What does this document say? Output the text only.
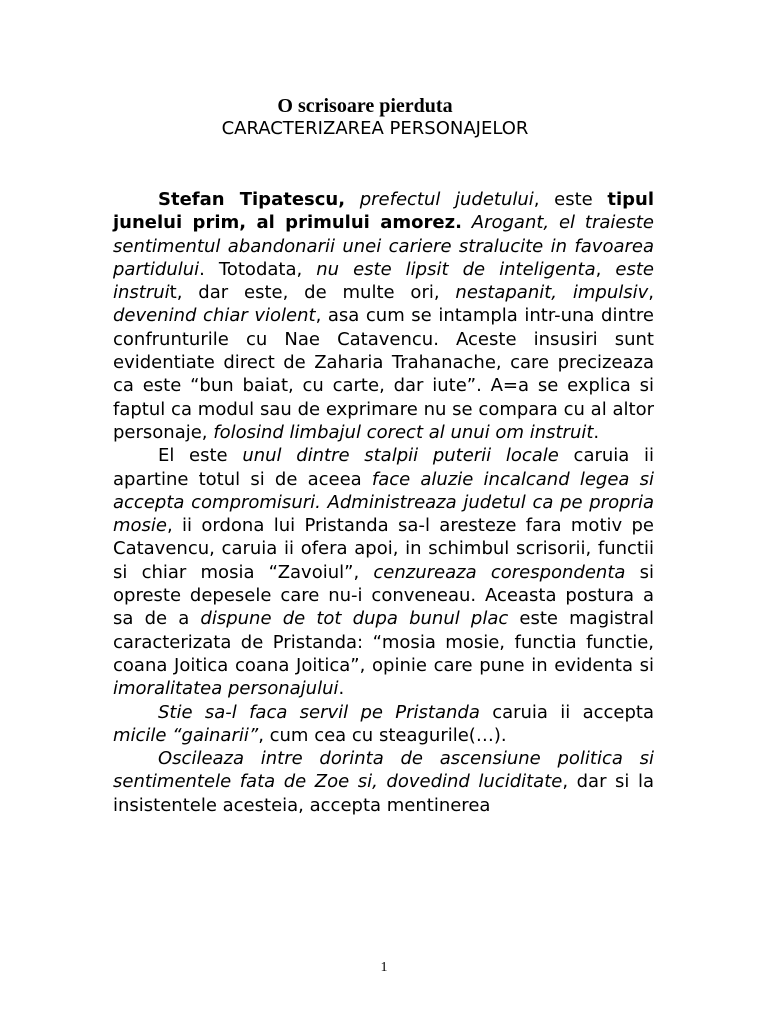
O scrisoare pierduta
CARACTERIZAREA PERSONAJELOR

Stefan Tipatescu, prefectul judetului, este tipul junelui prim, al primului amorez. Arogant, el traieste sentimentul abandonarii unei cariere stralucite in favoarea partidului. Totodata, nu este lipsit de inteligenta, este instruit, dar este, de multe ori, nestapanit, impulsiv, devenind chiar violent, asa cum se intampla intr-una dintre confrunturile cu Nae Catavencu. Aceste insusiri sunt evidentiate direct de Zaharia Trahanache, care precizeaza ca este “bun baiat, cu carte, dar iute”. A=a se explica si faptul ca modul sau de exprimare nu se compara cu al altor personaje, folosind limbajul corect al unui om instruit.

El este unul dintre stalpii puterii locale caruia ii apartine totul si de aceea face aluzie incalcand legea si accepta compromisuri. Administreaza judetul ca pe propria mosie, ii ordona lui Pristanda sa-l aresteze fara motiv pe Catavencu, caruia ii ofera apoi, in schimbul scrisorii, functii si chiar mosia “Zavoiul”, cenzureaza corespondenta si opreste depesele care nu-i conveneau. Aceasta postura a sa de a dispune de tot dupa bunul plac este magistral caracterizata de Pristanda: “mosia mosie, functia functie, coana Joitica coana Joitica”, opinie care pune in evidenta si imoralitatea personajului.

Stie sa-l faca servil pe Pristanda caruia ii accepta micile “gainarii”, cum cea cu steagurile(…).

Oscileaza intre dorinta de ascensiune politica si sentimentele fata de Zoe si, dovedind luciditate, dar si la insistentele acesteia, accepta mentinerea

1
